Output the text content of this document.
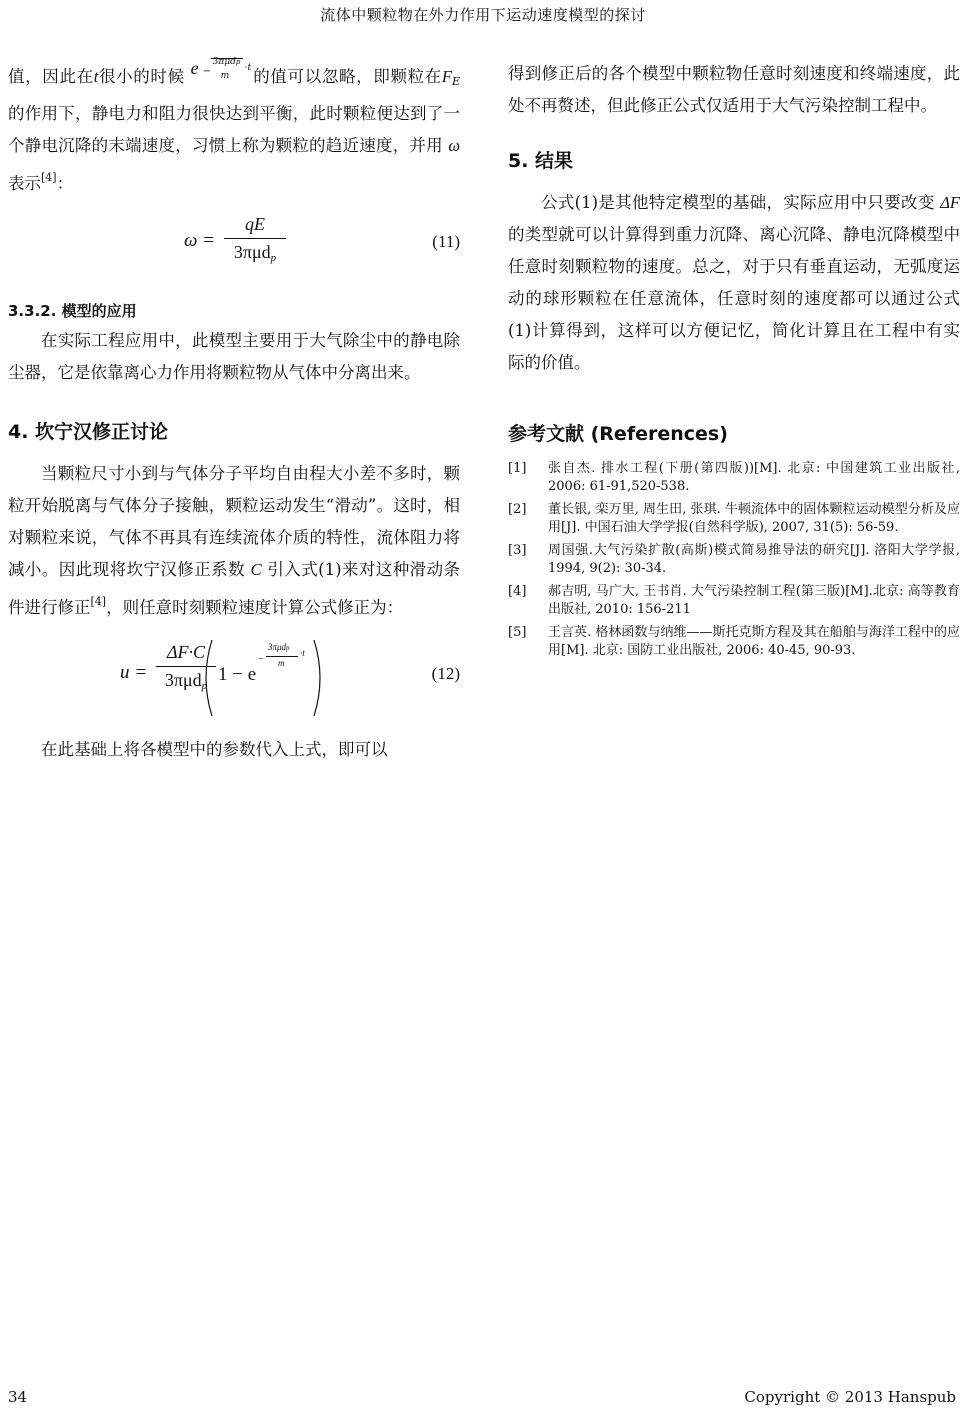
流体中颗粒物在外力作用下运动速度模型的探讨

值，因此在t很小的时候 e −
3πμdp
m
·t 的值可以忽略，即颗粒在$F_E$的作用下，静电力和阻力很快达到平衡，此时颗粒便达到了一个静电沉降的末端速度，习惯上称为颗粒的趋近速度，并用 ω 表示[4]：

ω =
qE
3πμd$_p$
(11)
3.3.2. 模型的应用

在实际工程应用中，此模型主要用于大气除尘中的静电除尘器，它是依靠离心力作用将颗粒物从气体中分离出来。

4. 坎宁汉修正讨论

当颗粒尺寸小到与气体分子平均自由程大小差不多时，颗粒开始脱离与气体分子接触，颗粒运动发生“滑动”。这时，相对颗粒来说，气体不再具有连续流体介质的特性，流体阻力将减小。因此现将坎宁汉修正系数 C 引入式(1)来对这种滑动条件进行修正[4]，则任意时刻颗粒速度计算公式修正为：

u =
ΔF·C
3πμd$_p$
1 − e
−
3πμdp
m
·t
(12)

在此基础上将各模型中的参数代入上式，即可以

得到修正后的各个模型中颗粒物任意时刻速度和终端速度，此处不再赘述，但此修正公式仅适用于大气污染控制工程中。

5. 结果

公式(1)是其他特定模型的基础，实际应用中只要改变 ΔF 的类型就可以计算得到重力沉降、离心沉降、静电沉降模型中任意时刻颗粒物的速度。总之，对于只有垂直运动，无弧度运动的球形颗粒在任意流体，任意时刻的速度都可以通过公式(1)计算得到，这样可以方便记忆，简化计算且在工程中有实际的价值。

参考文献 (References)
[1] 张自杰. 排水工程(下册(第四版))[M]. 北京: 中国建筑工业出版社, 2006: 61-91,520-538.
[2] 董长银, 栾万里, 周生田, 张琪. 牛顿流体中的固体颗粒运动模型分析及应用[J]. 中国石油大学学报(自然科学版), 2007, 31(5): 56-59.
[3] 周国强.大气污染扩散(高斯)模式简易推导法的研究[J]. 洛阳大学学报, 1994, 9(2): 30-34.
[4] 郝吉明, 马广大, 王书肖. 大气污染控制工程(第三版)[M].北京: 高等教育出版社, 2010: 156-211
[5] 王言英. 格林函数与纳维——斯托克斯方程及其在船舶与海洋工程中的应用[M]. 北京: 国防工业出版社, 2006: 40-45, 90-93.
34	Copyright © 2013 Hanspub
